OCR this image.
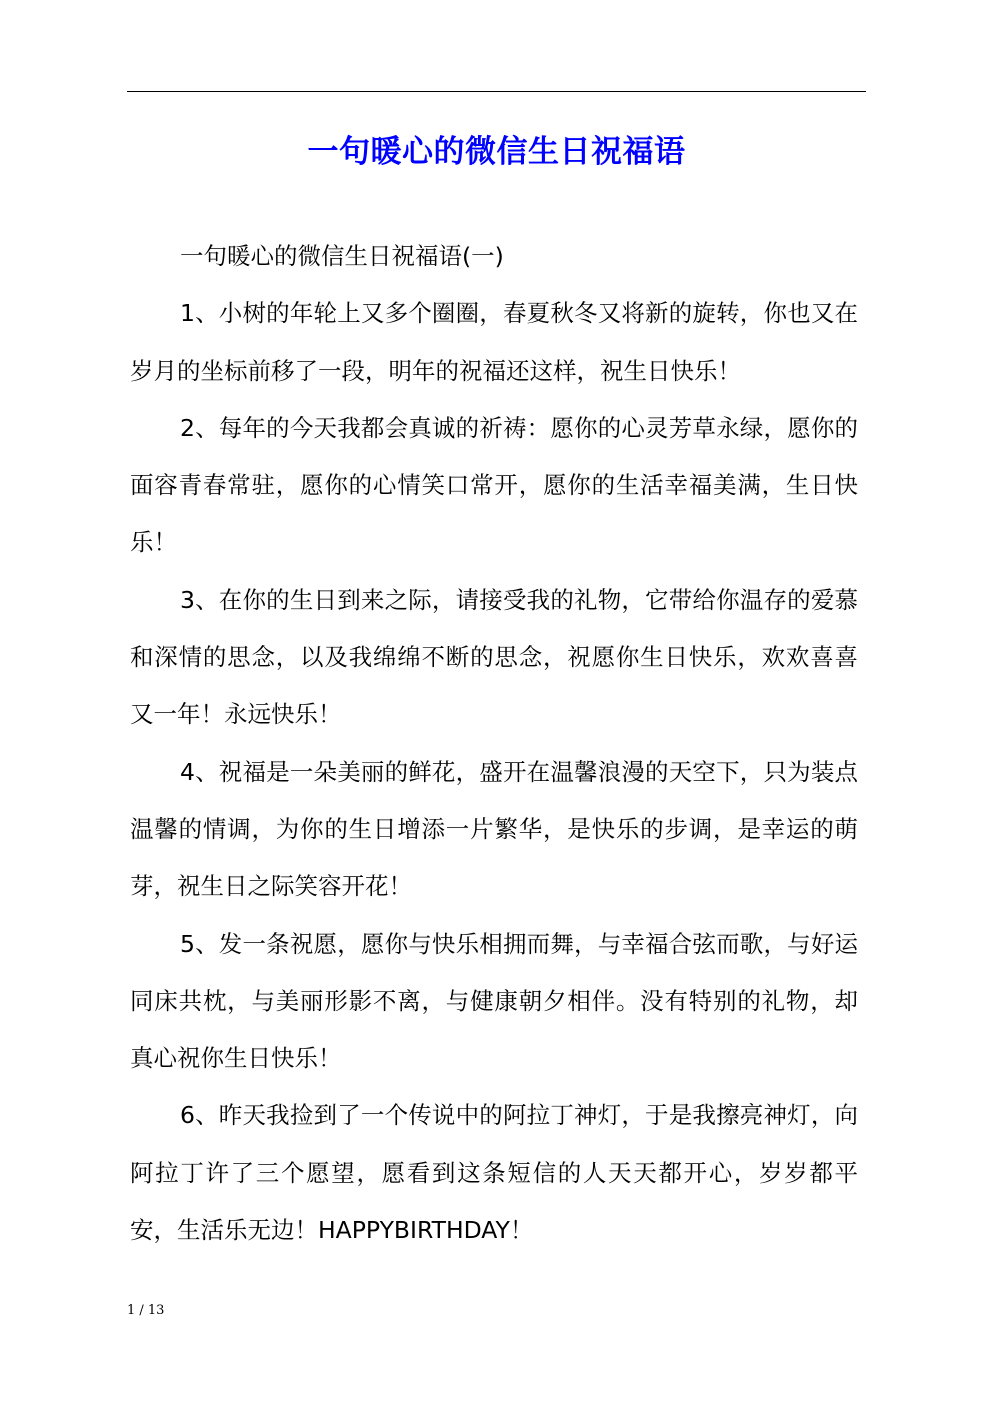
一句暖心的微信生日祝福语

一句暖心的微信生日祝福语(一)

1、小树的年轮上又多个圈圈，春夏秋冬又将新的旋转，你也又在岁月的坐标前移了一段，明年的祝福还这样，祝生日快乐！

2、每年的今天我都会真诚的祈祷：愿你的心灵芳草永绿，愿你的面容青春常驻，愿你的心情笑口常开，愿你的生活幸福美满，生日快乐！

3、在你的生日到来之际，请接受我的礼物，它带给你温存的爱慕和深情的思念，以及我绵绵不断的思念，祝愿你生日快乐，欢欢喜喜又一年！永远快乐！

4、祝福是一朵美丽的鲜花，盛开在温馨浪漫的天空下，只为装点温馨的情调，为你的生日增添一片繁华，是快乐的步调，是幸运的萌芽，祝生日之际笑容开花！

5、发一条祝愿，愿你与快乐相拥而舞，与幸福合弦而歌，与好运同床共枕，与美丽形影不离，与健康朝夕相伴。没有特别的礼物，却真心祝你生日快乐！

6、昨天我捡到了一个传说中的阿拉丁神灯，于是我擦亮神灯，向阿拉丁许了三个愿望，愿看到这条短信的人天天都开心，岁岁都平安，生活乐无边！HAPPYBIRTHDAY！

1 / 13
